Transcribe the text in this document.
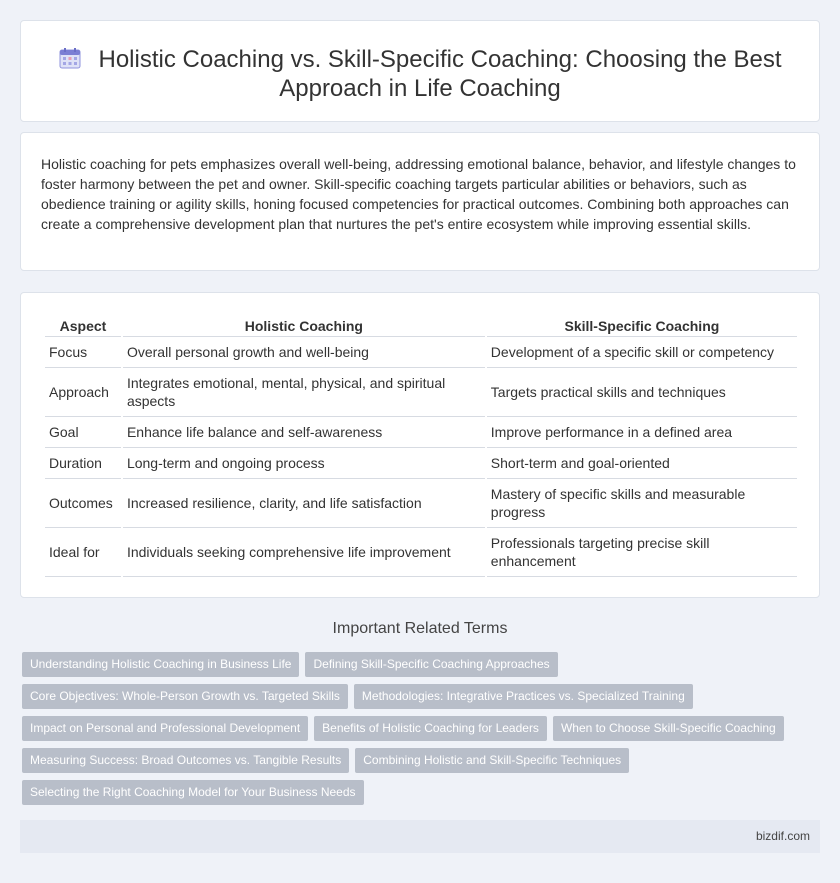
Holistic Coaching vs. Skill-Specific Coaching: Choosing the Best Approach in Life Coaching

Holistic coaching for pets emphasizes overall well-being, addressing emotional balance, behavior, and lifestyle changes to foster harmony between the pet and owner. Skill-specific coaching targets particular abilities or behaviors, such as obedience training or agility skills, honing focused competencies for practical outcomes. Combining both approaches can create a comprehensive development plan that nurtures the pet's entire ecosystem while improving essential skills.

Aspect	Holistic Coaching	Skill-Specific Coaching
Focus	Overall personal growth and well-being	Development of a specific skill or competency
Approach	Integrates emotional, mental, physical, and spiritual aspects	Targets practical skills and techniques
Goal	Enhance life balance and self-awareness	Improve performance in a defined area
Duration	Long-term and ongoing process	Short-term and goal-oriented
Outcomes	Increased resilience, clarity, and life satisfaction	Mastery of specific skills and measurable progress
Ideal for	Individuals seeking comprehensive life improvement	Professionals targeting precise skill enhancement
Important Related Terms
Understanding Holistic Coaching in Business Life Defining Skill-Specific Coaching Approaches
Core Objectives: Whole-Person Growth vs. Targeted Skills Methodologies: Integrative Practices vs. Specialized Training
Impact on Personal and Professional Development Benefits of Holistic Coaching for Leaders When to Choose Skill-Specific Coaching
Measuring Success: Broad Outcomes vs. Tangible Results Combining Holistic and Skill-Specific Techniques
Selecting the Right Coaching Model for Your Business Needs
bizdif.com
